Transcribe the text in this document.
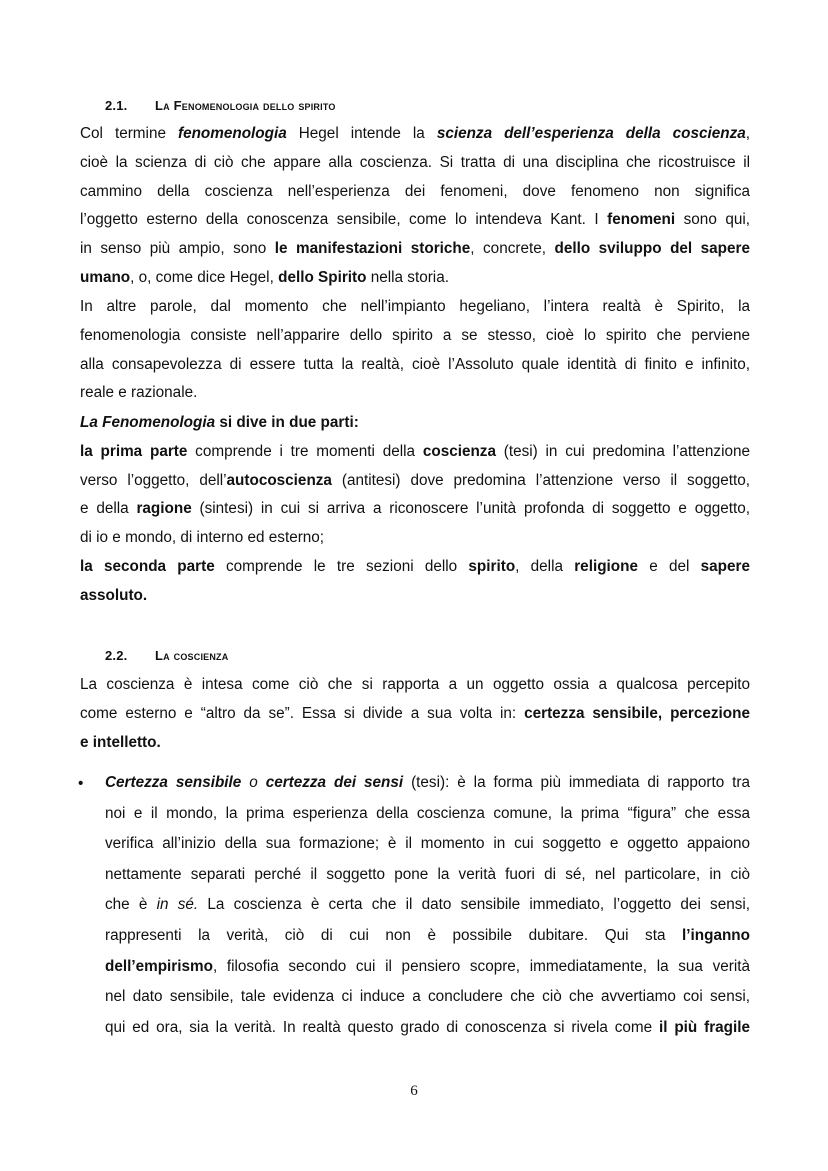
2.1. La Fenomenologia dello spirito
Col termine fenomenologia Hegel intende la scienza dell’esperienza della coscienza,
cioè la scienza di ciò che appare alla coscienza. Si tratta di una disciplina che ricostruisce il
cammino della coscienza nell’esperienza dei fenomeni, dove fenomeno non significa
l’oggetto esterno della conoscenza sensibile, come lo intendeva Kant. I fenomeni sono qui,
in senso più ampio, sono le manifestazioni storiche, concrete, dello sviluppo del sapere
umano, o, come dice Hegel, dello Spirito nella storia.
In altre parole, dal momento che nell’impianto hegeliano, l’intera realtà è Spirito, la
fenomenologia consiste nell’apparire dello spirito a se stesso, cioè lo spirito che perviene
alla consapevolezza di essere tutta la realtà, cioè l’Assoluto quale identità di finito e infinito,
reale e razionale.
La Fenomenologia si dive in due parti:
la prima parte comprende i tre momenti della coscienza (tesi) in cui predomina l’attenzione
verso l’oggetto, dell’autocoscienza (antitesi) dove predomina l’attenzione verso il soggetto,
e della ragione (sintesi) in cui si arriva a riconoscere l’unità profonda di soggetto e oggetto,
di io e mondo, di interno ed esterno;
la seconda parte comprende le tre sezioni dello spirito, della religione e del sapere
assoluto.
2.2. La coscienza
La coscienza è intesa come ciò che si rapporta a un oggetto ossia a qualcosa percepito
come esterno e “altro da se”. Essa si divide a sua volta in: certezza sensibile, percezione
e intelletto.
• Certezza sensibile o certezza dei sensi (tesi): è la forma più immediata di rapporto tra
noi e il mondo, la prima esperienza della coscienza comune, la prima “figura” che essa
verifica all’inizio della sua formazione; è il momento in cui soggetto e oggetto appaiono
nettamente separati perché il soggetto pone la verità fuori di sé, nel particolare, in ciò
che è in sé. La coscienza è certa che il dato sensibile immediato, l’oggetto dei sensi,
rappresenti la verità, ciò di cui non è possibile dubitare. Qui sta l’inganno
dell’empirismo, filosofia secondo cui il pensiero scopre, immediatamente, la sua verità
nel dato sensibile, tale evidenza ci induce a concludere che ciò che avvertiamo coi sensi,
qui ed ora, sia la verità. In realtà questo grado di conoscenza si rivela come il più fragile
6
